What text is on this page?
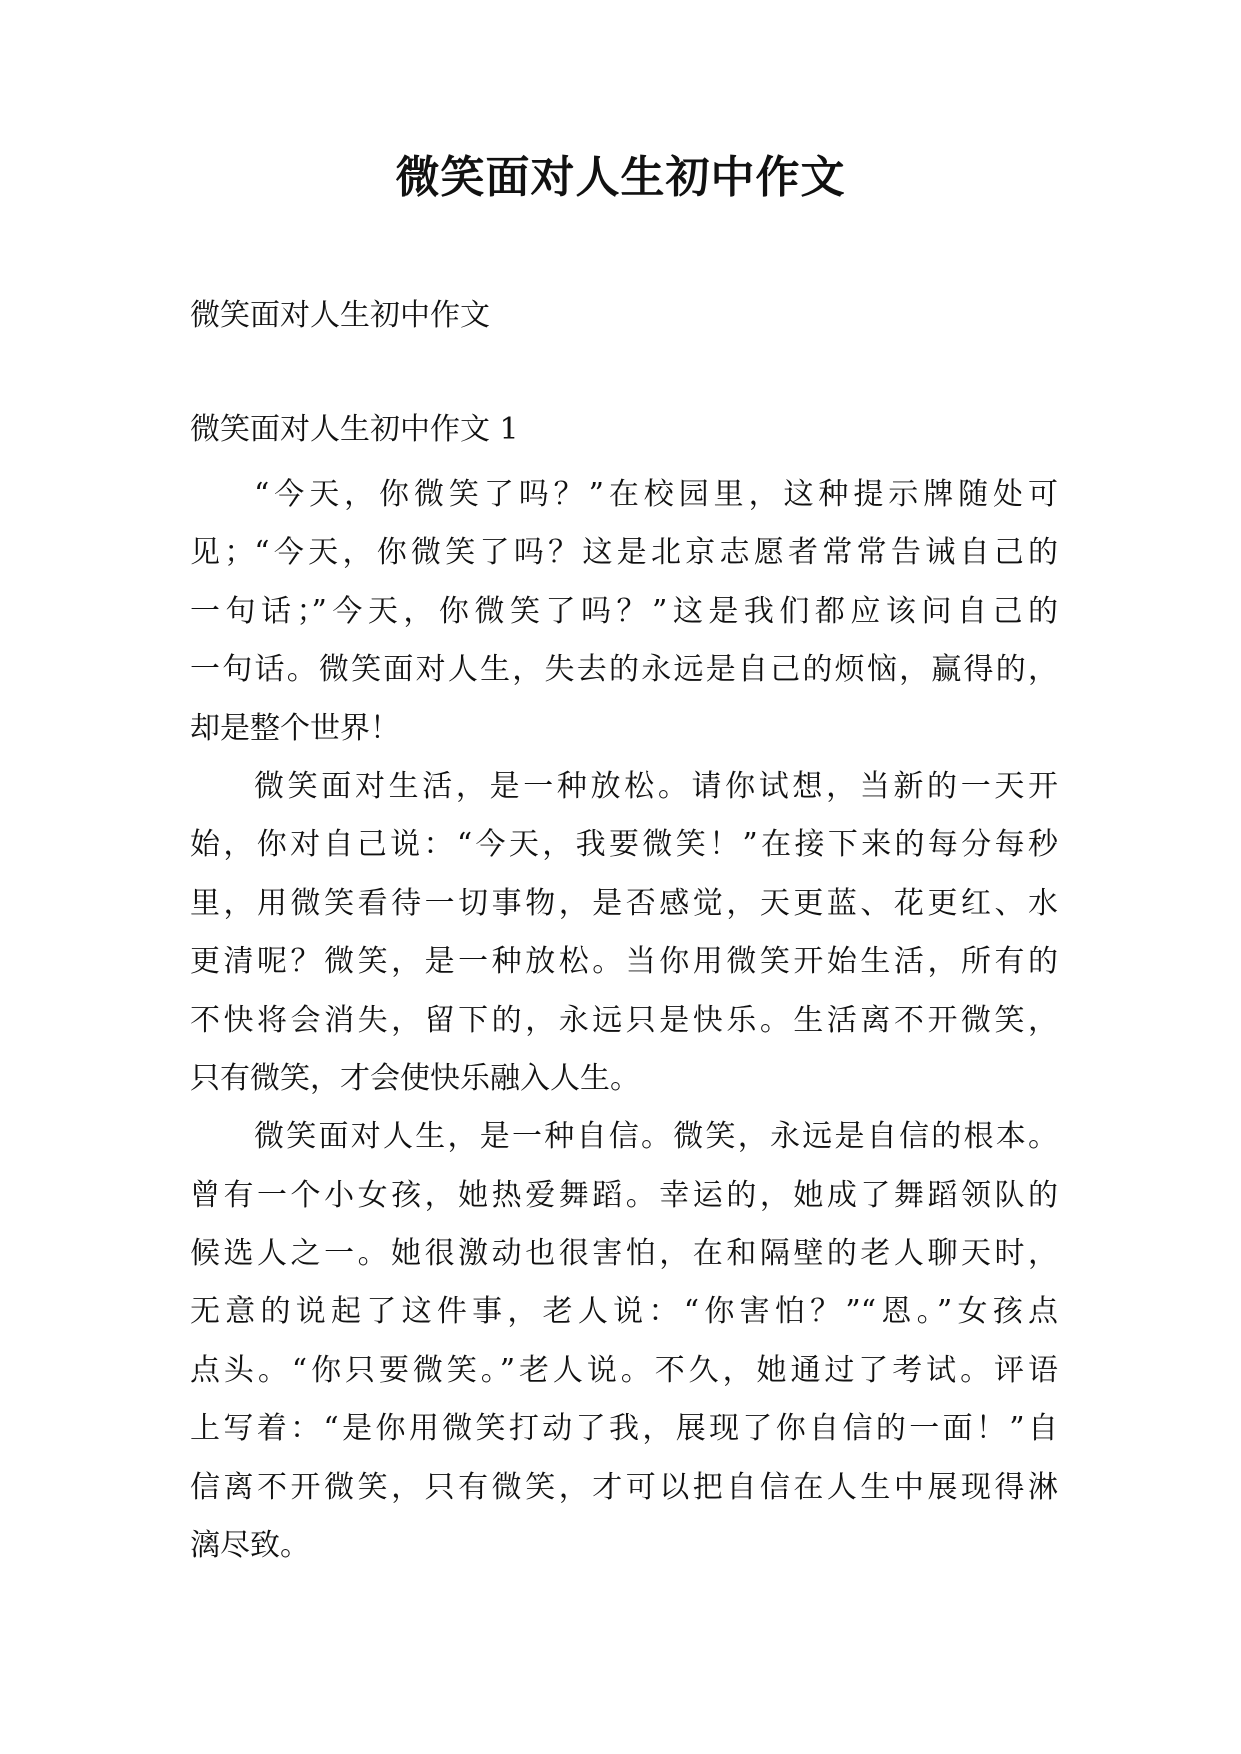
微笑面对人生初中作文
微笑面对人生初中作文
微笑面对人生初中作文 1

“今天，你微笑了吗？”在校园里，这种提示牌随处可
见；“今天，你微笑了吗？这是北京志愿者常常告诫自己的
一句话；”今天，你微笑了吗？”这是我们都应该问自己的
一句话。微笑面对人生，失去的永远是自己的烦恼，赢得的，
却是整个世界！

微笑面对生活，是一种放松。请你试想，当新的一天开
始，你对自己说：“今天，我要微笑！”在接下来的每分每秒
里，用微笑看待一切事物，是否感觉，天更蓝、花更红、水
更清呢？微笑，是一种放松。当你用微笑开始生活，所有的
不快将会消失，留下的，永远只是快乐。生活离不开微笑，
只有微笑，才会使快乐融入人生。

微笑面对人生，是一种自信。微笑，永远是自信的根本。
曾有一个小女孩，她热爱舞蹈。幸运的，她成了舞蹈领队的
候选人之一。她很激动也很害怕，在和隔壁的老人聊天时，
无意的说起了这件事，老人说：“你害怕？”“恩。”女孩点
点头。“你只要微笑。”老人说。不久，她通过了考试。评语
上写着：“是你用微笑打动了我，展现了你自信的一面！”自
信离不开微笑，只有微笑，才可以把自信在人生中展现得淋
漓尽致。
